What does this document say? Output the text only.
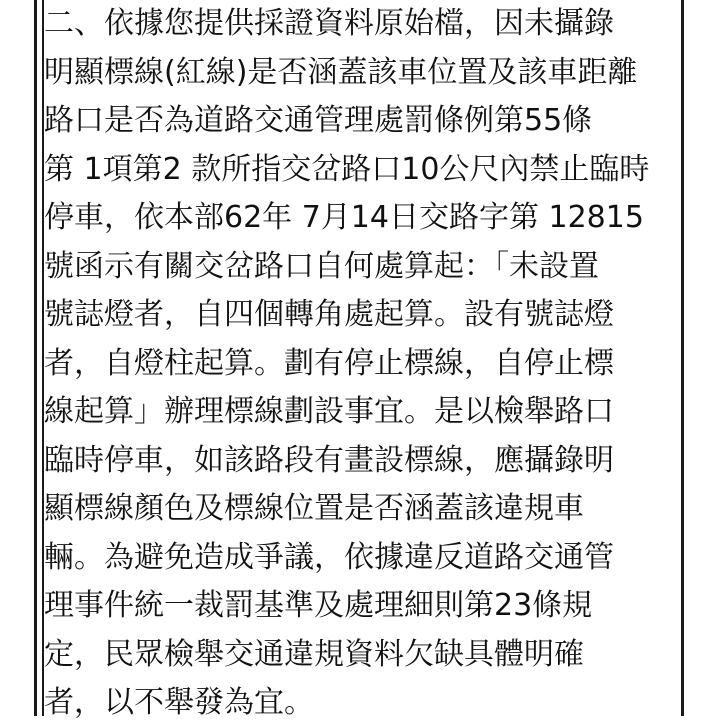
二、依據您提供採證資料原始檔，因未攝錄
明顯標線(紅線)是否涵蓋該車位置及該車距離
路口是否為道路交通管理處罰條例第55條
第 1項第2 款所指交岔路口10公尺內禁止臨時
停車，依本部62年 7月14日交路字第 12815
號函示有關交岔路口自何處算起：「未設置
號誌燈者，自四個轉角處起算。設有號誌燈
者，自燈柱起算。劃有停止標線，自停止標
線起算」辦理標線劃設事宜。是以檢舉路口
臨時停車，如該路段有畫設標線，應攝錄明
顯標線顏色及標線位置是否涵蓋該違規車
輛。為避免造成爭議，依據違反道路交通管
理事件統一裁罰基準及處理細則第23條規
定，民眾檢舉交通違規資料欠缺具體明確
者，以不舉發為宜。
